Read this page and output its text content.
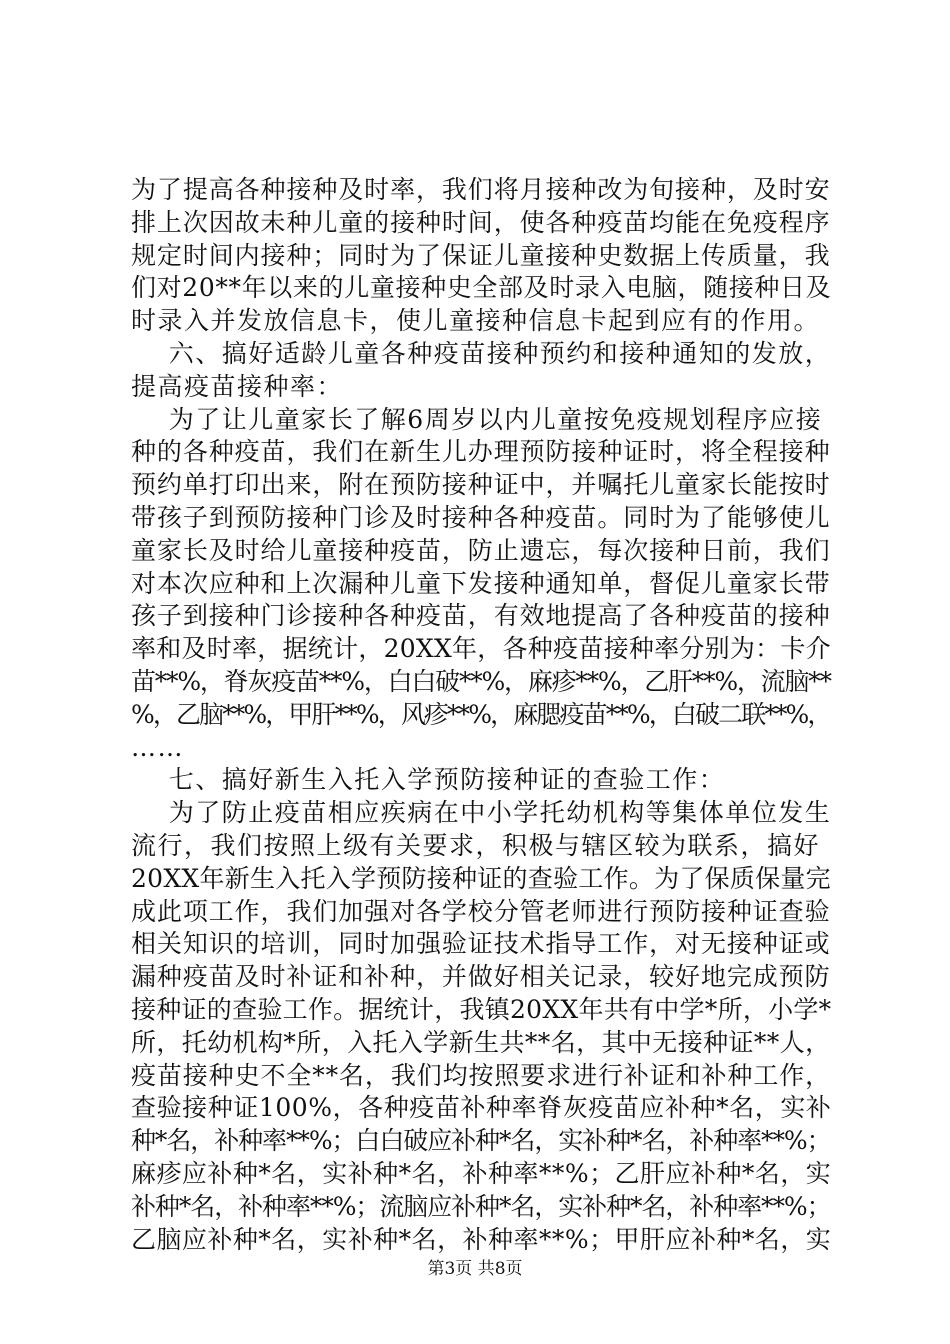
为了提高各种接种及时率，我们将月接种改为旬接种，及时安
排上次因故未种儿童的接种时间，使各种疫苗均能在免疫程序
规定时间内接种；同时为了保证儿童接种史数据上传质量，我
们对20**年以来的儿童接种史全部及时录入电脑，随接种日及
时录入并发放信息卡，使儿童接种信息卡起到应有的作用。
六、搞好适龄儿童各种疫苗接种预约和接种通知的发放，
提高疫苗接种率：
为了让儿童家长了解6周岁以内儿童按免疫规划程序应接
种的各种疫苗，我们在新生儿办理预防接种证时，将全程接种
预约单打印出来，附在预防接种证中，并嘱托儿童家长能按时
带孩子到预防接种门诊及时接种各种疫苗。同时为了能够使儿
童家长及时给儿童接种疫苗，防止遗忘，每次接种日前，我们
对本次应种和上次漏种儿童下发接种通知单，督促儿童家长带
孩子到接种门诊接种各种疫苗，有效地提高了各种疫苗的接种
率和及时率，据统计，20XX年，各种疫苗接种率分别为：卡介
苗**%，脊灰疫苗**%，白白破**%，麻疹**%，乙肝**%，流脑**
%，乙脑**%，甲肝**%，风疹**%，麻腮疫苗**%，白破二联**%，
……
七、搞好新生入托入学预防接种证的查验工作：
为了防止疫苗相应疾病在中小学托幼机构等集体单位发生
流行，我们按照上级有关要求，积极与辖区较为联系，搞好
20XX年新生入托入学预防接种证的查验工作。为了保质保量完
成此项工作，我们加强对各学校分管老师进行预防接种证查验
相关知识的培训，同时加强验证技术指导工作，对无接种证或
漏种疫苗及时补证和补种，并做好相关记录，较好地完成预防
接种证的查验工作。据统计，我镇20XX年共有中学*所，小学*
所，托幼机构*所，入托入学新生共**名，其中无接种证**人，
疫苗接种史不全**名，我们均按照要求进行补证和补种工作，
查验接种证100%，各种疫苗补种率脊灰疫苗应补种*名，实补
种*名，补种率**%；白白破应补种*名，实补种*名，补种率**%；
麻疹应补种*名，实补种*名，补种率**%；乙肝应补种*名，实
补种*名，补种率**%；流脑应补种*名，实补种*名，补种率**%；
乙脑应补种*名，实补种*名，补种率**%；甲肝应补种*名，实
第3页 共8页
